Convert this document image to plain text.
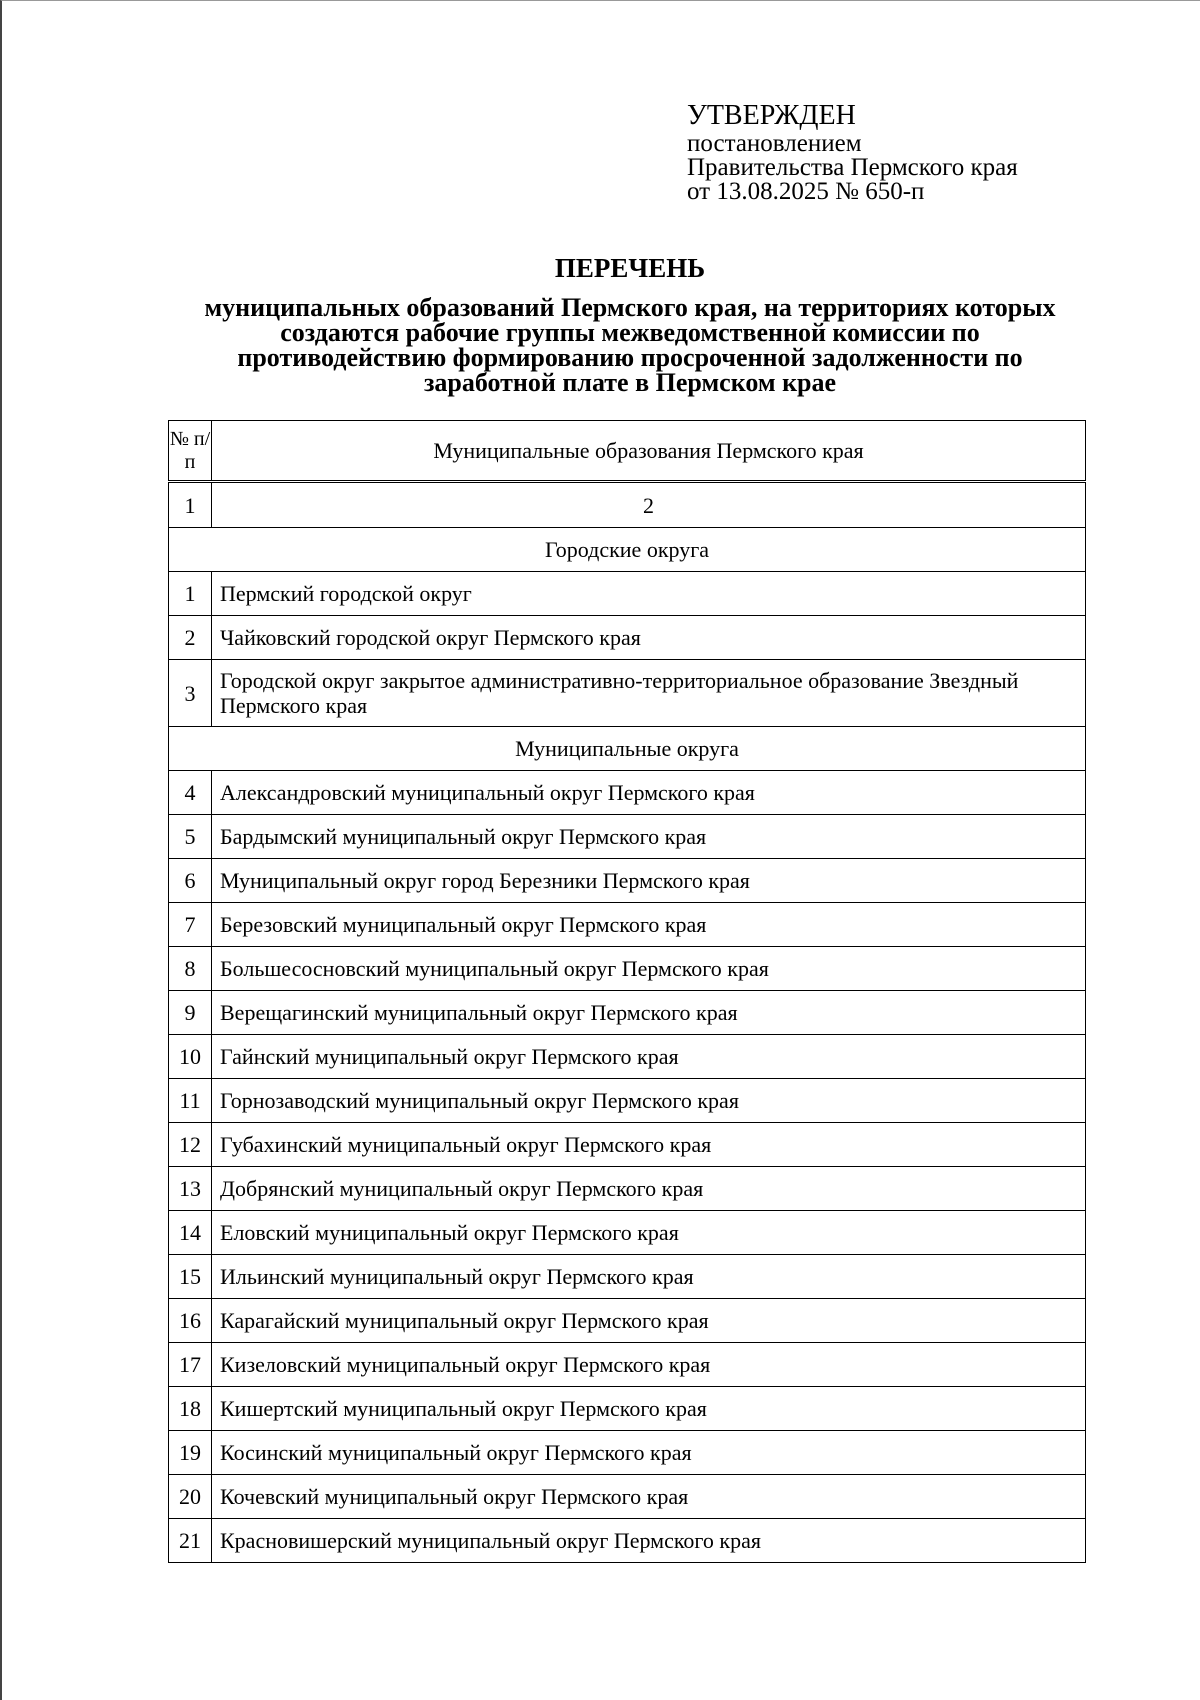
УТВЕРЖДЕН
постановлением
Правительства Пермского края
от 13.08.2025 № 650-п
ПЕРЕЧЕНЬ
муниципальных образований Пермского края, на территориях которых создаются рабочие группы межведомственной комиссии по противодействию формированию просроченной задолженности по заработной плате в Пермском крае
№ п/п	Муниципальные образования Пермского края
1	2
Городские округа	
1	Пермский городской округ
2	Чайковский городской округ Пермского края
3	Городской округ закрытое административно-территориальное образование Звездный Пермского края
Муниципальные округа	
4	Александровский муниципальный округ Пермского края
5	Бардымский муниципальный округ Пермского края
6	Муниципальный округ город Березники Пермского края
7	Березовский муниципальный округ Пермского края
8	Большесосновский муниципальный округ Пермского края
9	Верещагинский муниципальный округ Пермского края
10	Гайнский муниципальный округ Пермского края
11	Горнозаводский муниципальный округ Пермского края
12	Губахинский муниципальный округ Пермского края
13	Добрянский муниципальный округ Пермского края
14	Еловский муниципальный округ Пермского края
15	Ильинский муниципальный округ Пермского края
16	Карагайский муниципальный округ Пермского края
17	Кизеловский муниципальный округ Пермского края
18	Кишертский муниципальный округ Пермского края
19	Косинский муниципальный округ Пермского края
20	Кочевский муниципальный округ Пермского края
21	Красновишерский муниципальный округ Пермского края
